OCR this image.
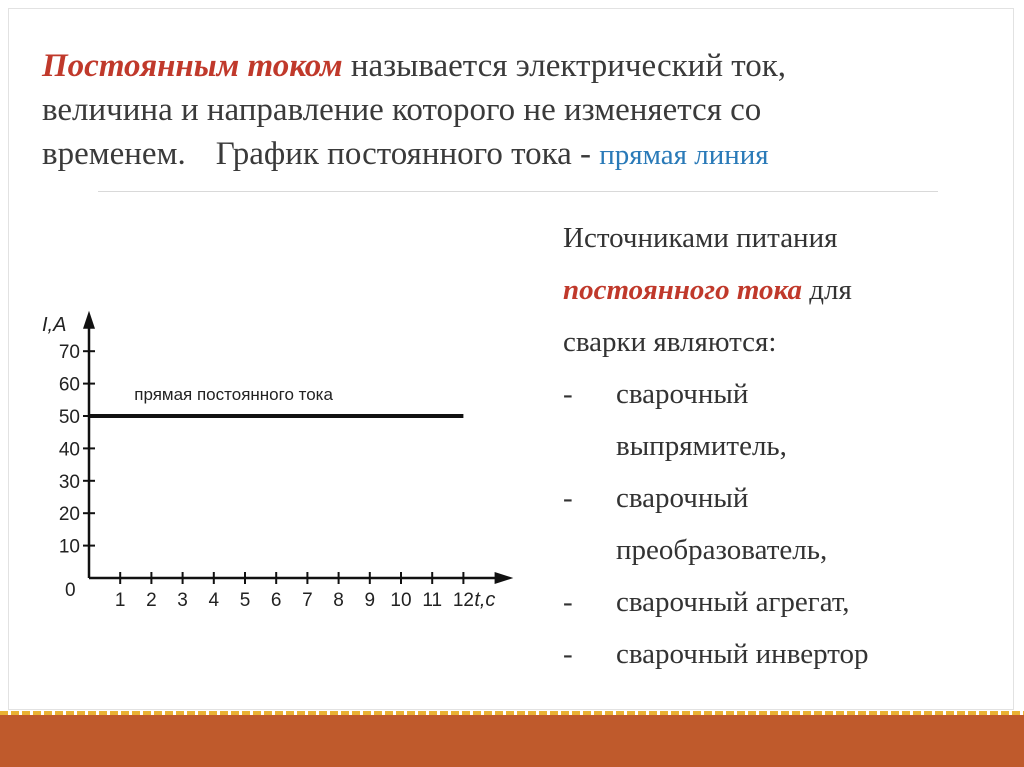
Постоянным током называется электрический ток,
величина и направление которого не изменяется со
временем. График постоянного тока - прямая линия
I,A
t,c
0
10
20
30
40
50
60
70
1 2 3 4 5 6 7 8 9 10 11 12
прямая постоянного тока
Источниками питания
постоянного тока для
сварки являются:
- сварочный
выпрямитель,
- сварочный
преобразователь,
- сварочный агрегат,
- сварочный инвертор
